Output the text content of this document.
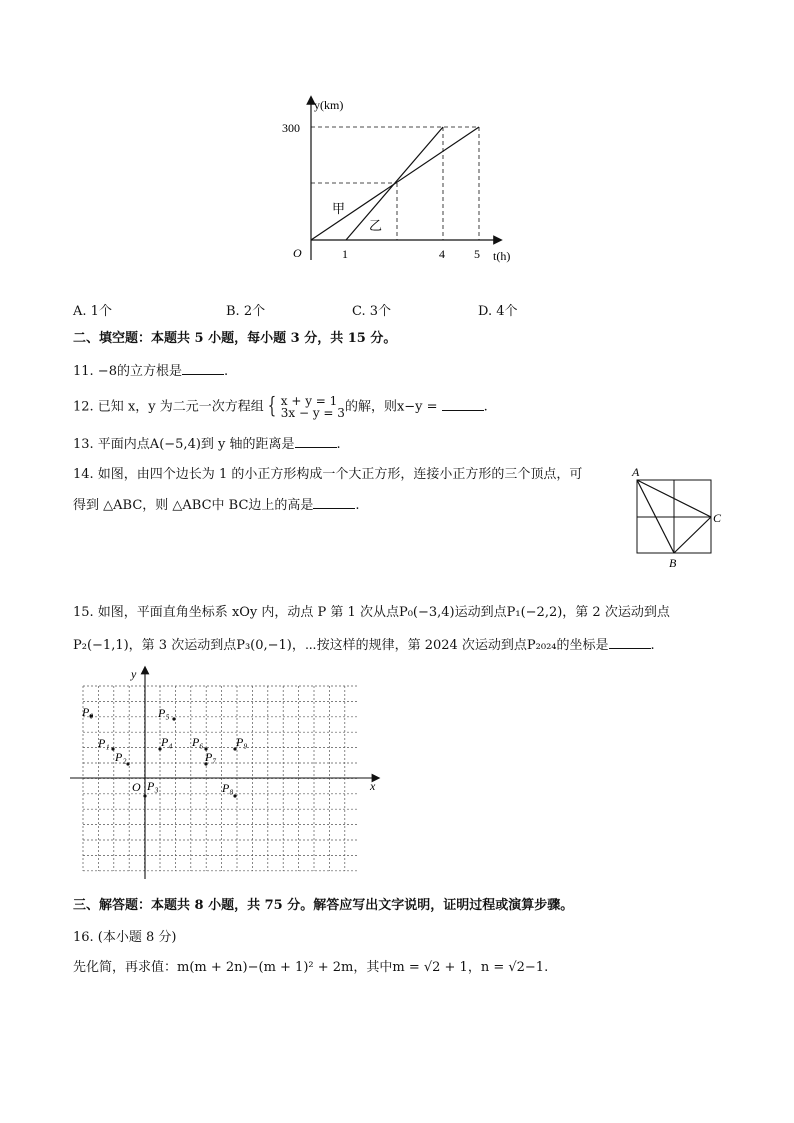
y(km)
t(h)
O
300
1	4 5
甲
乙
A. 1个	B. 2个	C. 3个	D. 4个
二、填空题：本题共 5 小题，每小题 3 分，共 15 分。
11. −8的立方根是	.
12. 已知 x，y 为二元一次方程组 { x + y = 1
3x − y = 3 的解，则x−y =	.
13. 平面内点A(−5,4)到 y 轴的距离是	.
14. 如图，由四个边长为 1 的小正方形构成一个大正方形，连接小正方形的三个顶点，可
得到 △ABC，则 △ABC中 BC边上的高是	.
A
B
C
15. 如图，平面直角坐标系 xOy 内，动点 P 第 1 次从点P₀(−3,4)运动到点P₁(−2,2)，第 2 次运动到点
P₂(−1,1)，第 3 次运动到点P₃(0,−1)，⋯按这样的规律，第 2024 次运动到点P₂₀₂₄的坐标是	.
x
y
O
P₀
P₁
P₂
P₃
P₄
P₅
P₆
P₇
P₈
P₉
三、解答题：本题共 8 小题，共 75 分。解答应写出文字说明，证明过程或演算步骤。
16. (本小题 8 分)
先化简，再求值：m(m + 2n)−(m + 1)² + 2m，其中m = √2 + 1，n = √2−1.
